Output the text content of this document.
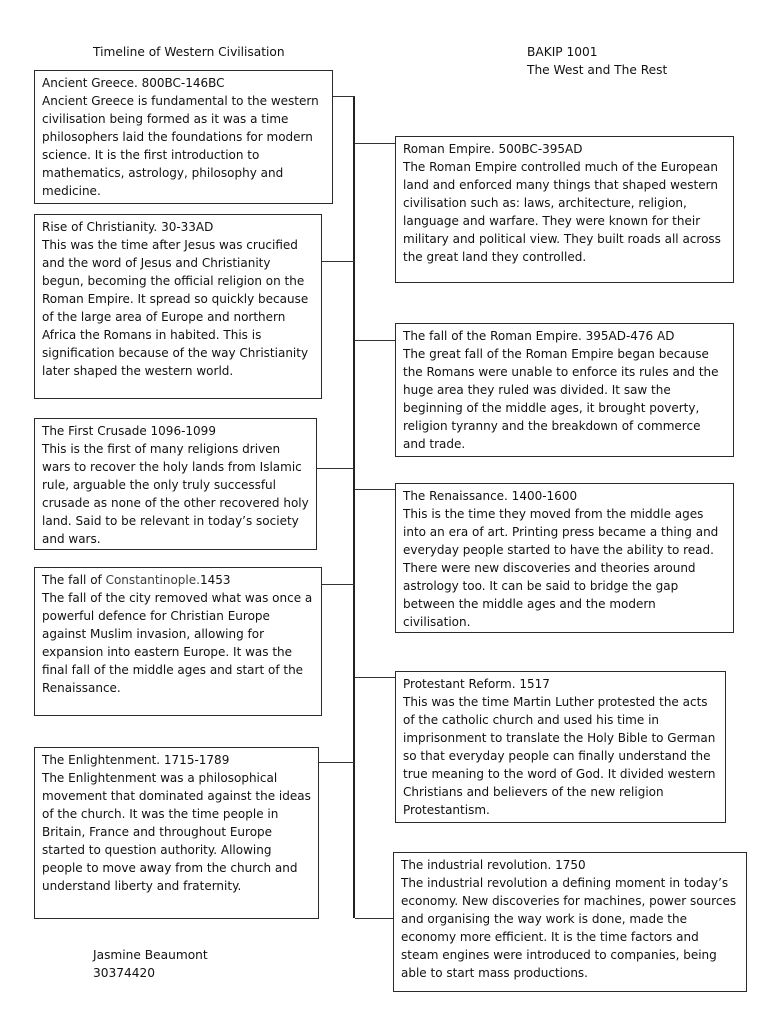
Timeline of Western Civilisation	BAKIP 1001
The West and The Rest
Ancient Greece. 800BC-146BC
Ancient Greece is fundamental to the western civilisation being formed as it was a time philosophers laid the foundations for modern science. It is the first introduction to mathematics, astrology, philosophy and medicine.
Roman Empire. 500BC-395AD
The Roman Empire controlled much of the European land and enforced many things that shaped western civilisation such as: laws, architecture, religion, language and warfare. They were known for their military and political view. They built roads all across the great land they controlled.
Rise of Christianity. 30-33AD
This was the time after Jesus was crucified and the word of Jesus and Christianity begun, becoming the official religion on the Roman Empire. It spread so quickly because of the large area of Europe and northern Africa the Romans in habited. This is signification because of the way Christianity later shaped the western world.
The fall of the Roman Empire. 395AD-476 AD
The great fall of the Roman Empire began because the Romans were unable to enforce its rules and the huge area they ruled was divided. It saw the beginning of the middle ages, it brought poverty, religion tyranny and the breakdown of commerce and trade.
The First Crusade 1096-1099
This is the first of many religions driven wars to recover the holy lands from Islamic rule, arguable the only truly successful crusade as none of the other recovered holy land. Said to be relevant in today’s society and wars.
The Renaissance. 1400-1600
This is the time they moved from the middle ages into an era of art. Printing press became a thing and everyday people started to have the ability to read. There were new discoveries and theories around astrology too. It can be said to bridge the gap between the middle ages and the modern civilisation.
The fall of Constantinople.1453
The fall of the city removed what was once a powerful defence for Christian Europe against Muslim invasion, allowing for expansion into eastern Europe. It was the final fall of the middle ages and start of the Renaissance.	Protestant Reform. 1517
This was the time Martin Luther protested the acts of the catholic church and used his time in imprisonment to translate the Holy Bible to German so that everyday people can finally understand the true meaning to the word of God. It divided western Christians and believers of the new religion Protestantism.
The Enlightenment. 1715-1789
The Enlightenment was a philosophical movement that dominated against the ideas of the church. It was the time people in Britain, France and throughout Europe started to question authority. Allowing people to move away from the church and understand liberty and fraternity.
The industrial revolution. 1750
The industrial revolution a defining moment in today’s economy. New discoveries for machines, power sources and organising the way work is done, made the economy more efficient. It is the time factors and steam engines were introduced to companies, being able to start mass productions.
Jasmine Beaumont
30374420
